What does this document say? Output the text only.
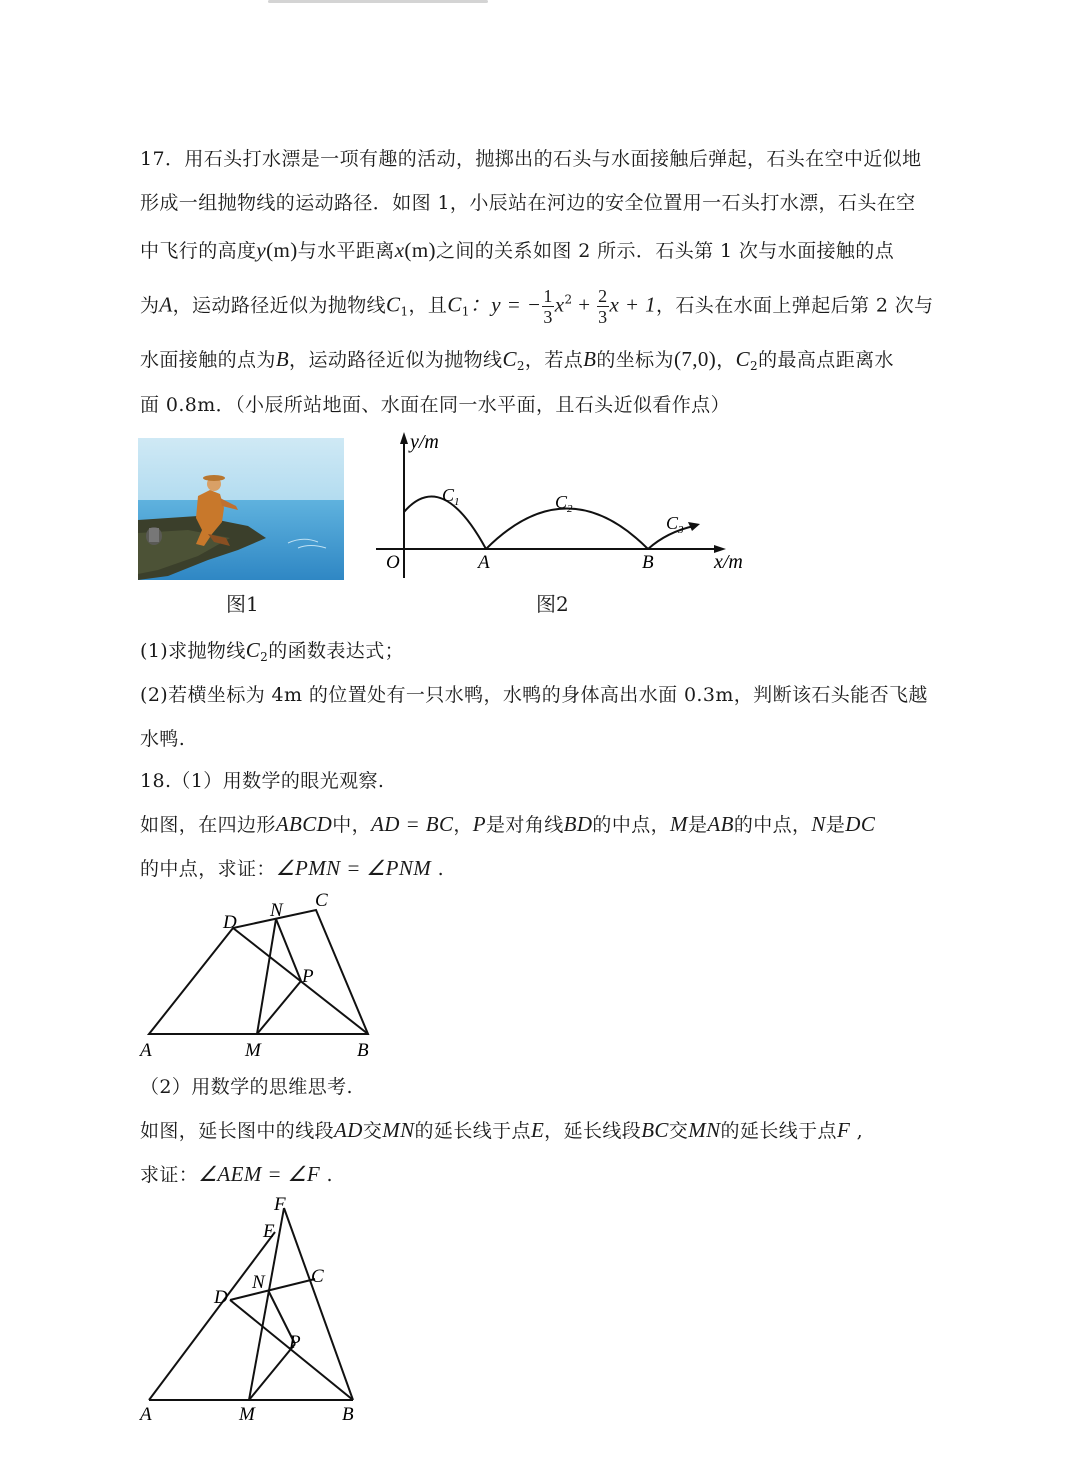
17．用石头打水漂是一项有趣的活动，抛掷出的石头与水面接触后弹起，石头在空中近似地
形成一组抛物线的运动路径．如图 1，小辰站在河边的安全位置用一石头打水漂，石头在空
中飞行的高度y(m)与水平距离x(m)之间的关系如图 2 所示．石头第 1 次与水面接触的点
为A，运动路径近似为抛物线$C_1$，且$C_1$：y = − $\frac{1}{3} x^2 + \frac{2}{3}$ x + 1，石头在水面上弹起后第 2 次与
水面接触的点为B，运动路径近似为抛物线$C_2$，若点B的坐标为(7,0)，$C_2$的最高点距离水
面 0.8m．（小辰所站地面、水面在同一水平面，且石头近似看作点）
图1
y/m
x/m
O	A	B
$C_1$	$C_2$
$C_3$
图2
(1)求抛物线$C_2$的函数表达式；
(2)若横坐标为 4m 的位置处有一只水鸭，水鸭的身体高出水面 0.3m，判断该石头能否飞越
水鸭.
18.（1）用数学的眼光观察.
如图，在四边形ABCD中，AD = BC，P是对角线BD的中点，M是AB的中点，N是DC
的中点，求证：∠PMN = ∠PNM .
A	B
C
D
M
N
P
（2）用数学的思维思考.
如图，延长图中的线段AD交MN的延长线于点E，延长线段BC交MN的延长线于点F ,
求证：∠AEM = ∠F .
A	B
C
D
E
F
M
N
P
